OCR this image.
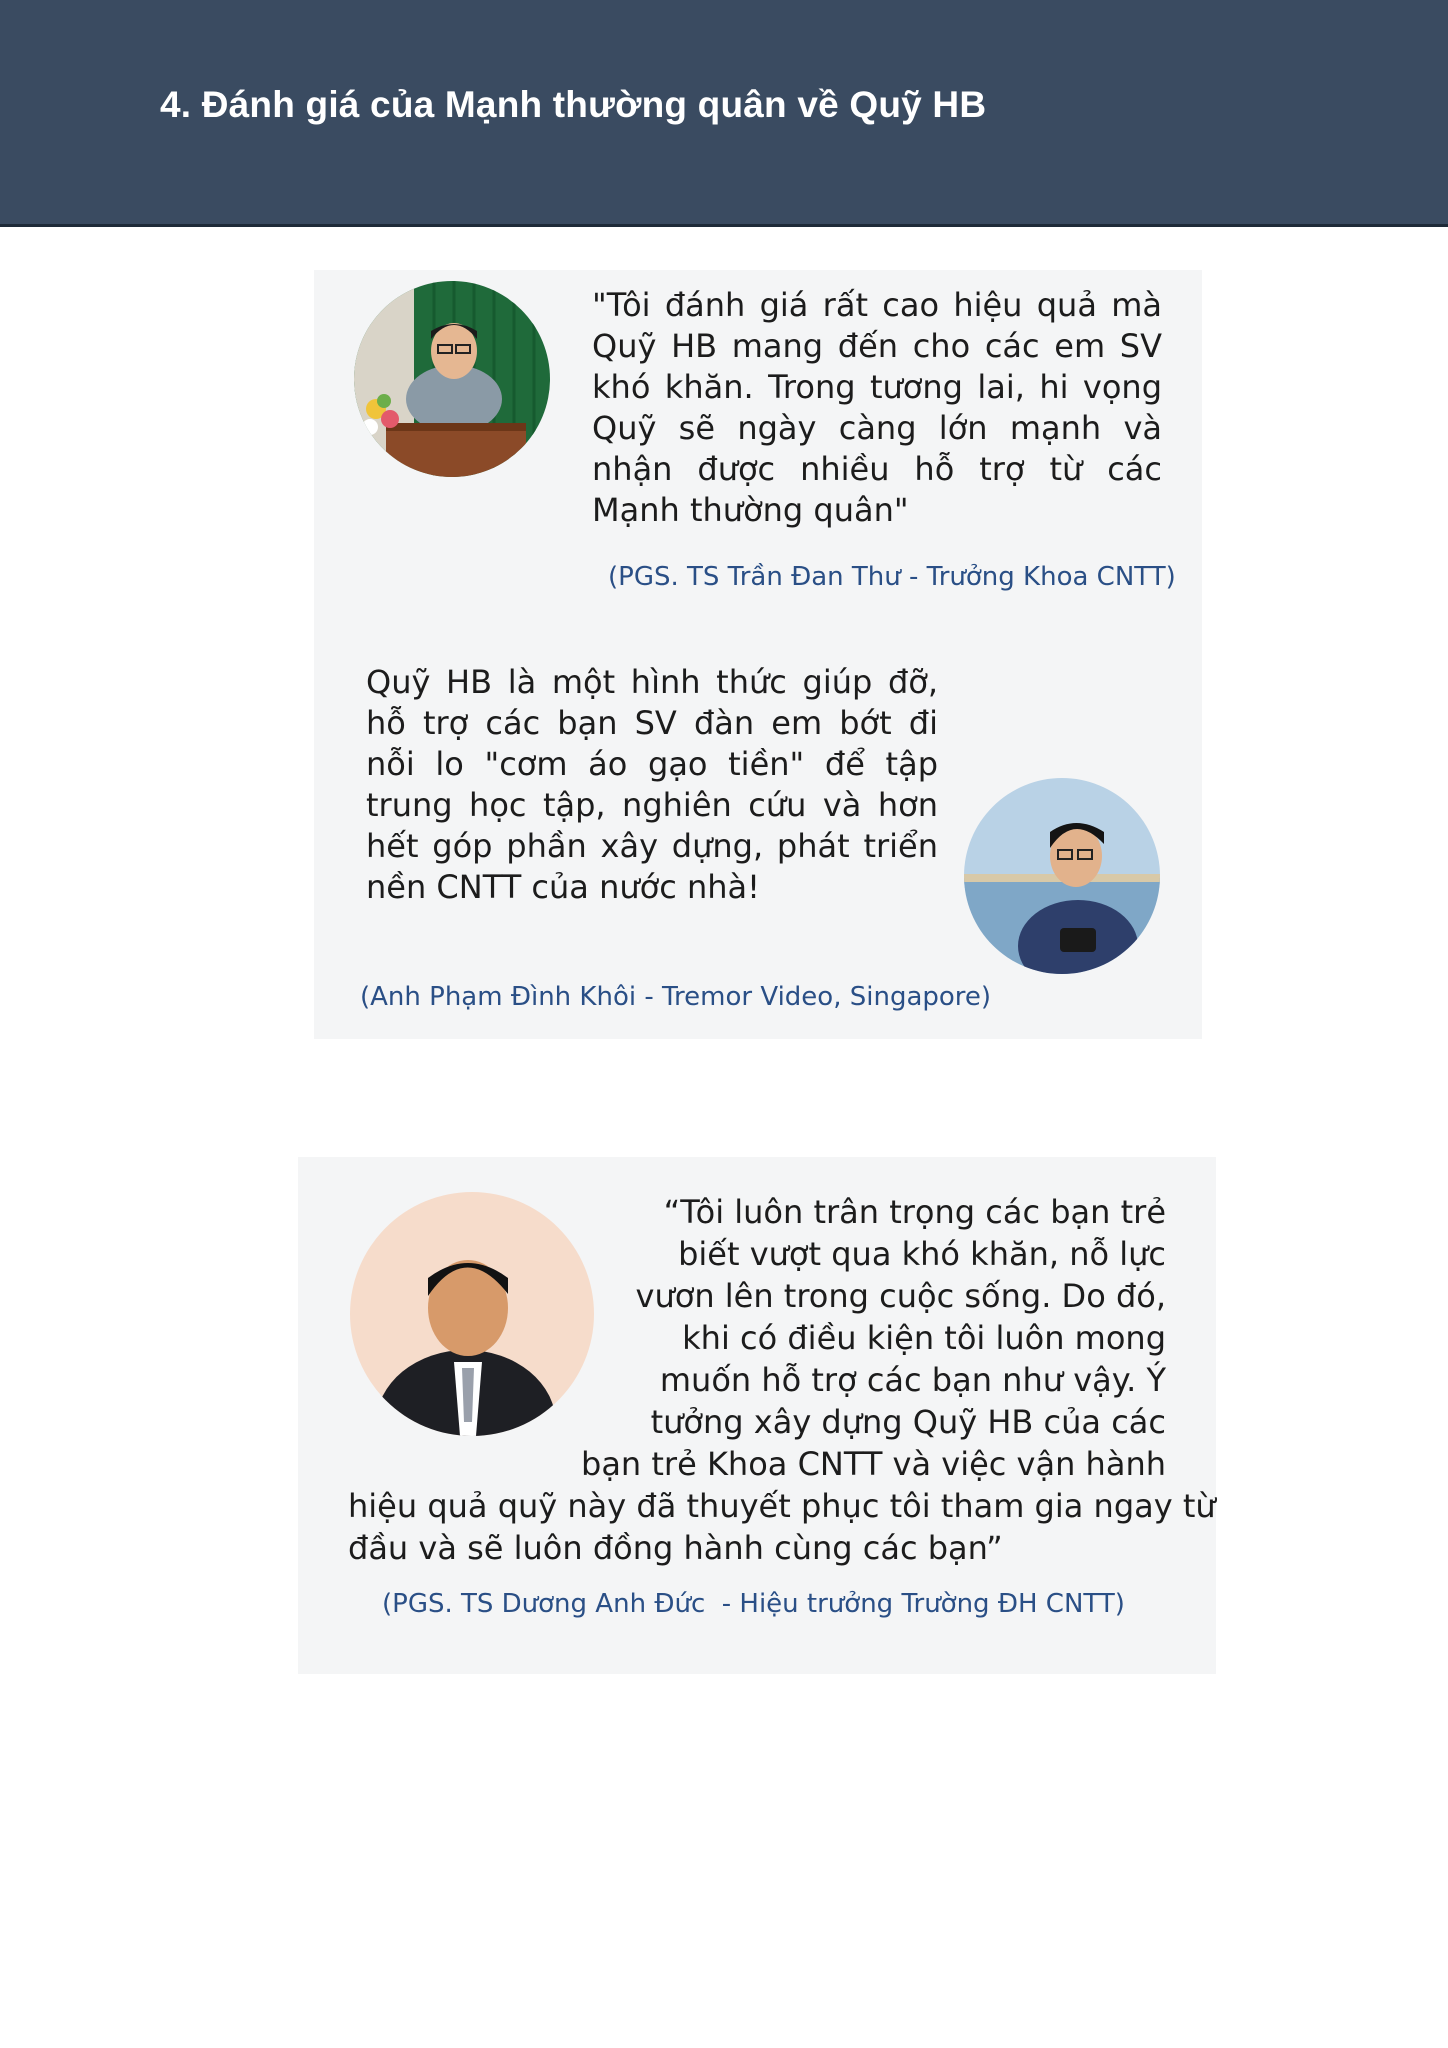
4. Đánh giá của Mạnh thường quân về Quỹ HB

"Tôi đánh giá rất cao hiệu quả mà Quỹ HB mang đến cho các em SV khó khăn. Trong tương lai, hi vọng Quỹ sẽ ngày càng lớn mạnh và nhận được nhiều hỗ trợ từ các Mạnh thường quân"

(PGS. TS Trần Đan Thư - Trưởng Khoa CNTT)

Quỹ HB là một hình thức giúp đỡ, hỗ trợ các bạn SV đàn em bớt đi nỗi lo "cơm áo gạo tiền" để tập trung học tập, nghiên cứu và hơn hết góp phần xây dựng, phát triển nền CNTT của nước nhà!

(Anh Phạm Đình Khôi - Tremor Video, Singapore)

“Tôi luôn trân trọng các bạn trẻ

biết vượt qua khó khăn, nỗ lực

vươn lên trong cuộc sống. Do đó,

khi có điều kiện tôi luôn mong

muốn hỗ trợ các bạn như vậy. Ý

tưởng xây dựng Quỹ HB của các

bạn trẻ Khoa CNTT và việc vận hành

hiệu quả quỹ này đã thuyết phục tôi tham gia ngay từ

đầu và sẽ luôn đồng hành cùng các bạn”

(PGS. TS Dương Anh Đức  - Hiệu trưởng Trường ĐH CNTT)
